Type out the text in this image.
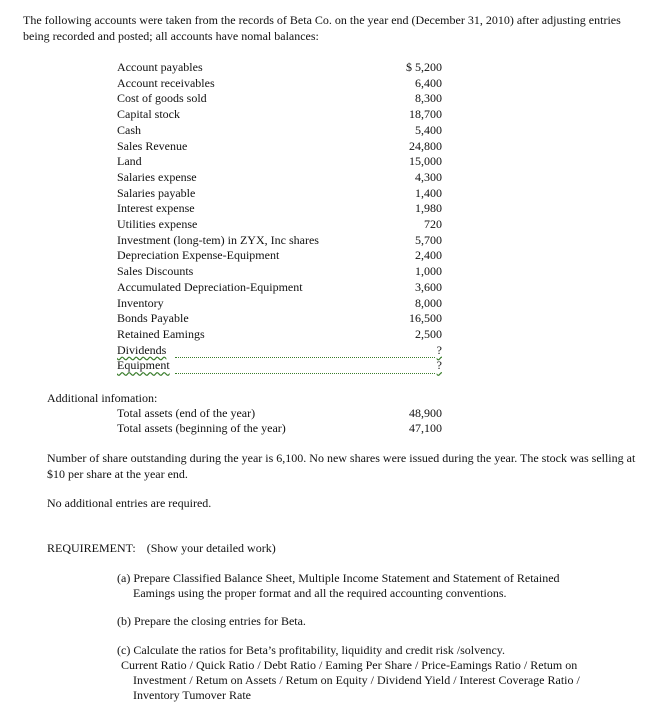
The following accounts were taken from the records of Beta Co. on the year end (December 31, 2010) after adjusting entries being recorded and posted; all accounts have nomal balances:

Account payables	$ 5,200
Account receivables	6,400
Cost of goods sold	8,300
Capital stock	18,700
Cash	5,400
Sales Revenue	24,800
Land	15,000
Salaries expense	4,300
Salaries payable	1,400
Interest expense	1,980
Utilities expense	720
Investment (long-tem) in ZYX, Inc shares	5,700
Depreciation Expense-Equipment	2,400
Sales Discounts	1,000
Accumulated Depreciation-Equipment	3,600
Inventory	8,000
Bonds Payable	16,500
Retained Eamings	2,500
Dividends	?
Equipment	?

Additional infomation:

Total assets (end of the year)	48,900
Total assets (beginning of the year)	47,100

Number of share outstanding during the year is 6,100. No new shares were issued during the year. The stock was selling at $10 per share at the year end.

No additional entries are required.

REQUIREMENT: (Show your detailed work)

(a) Prepare Classified Balance Sheet, Multiple Income Statement and Statement of Retained
Eamings using the proper format and all the required accounting conventions.

(b) Prepare the closing entries for Beta.

(c) Calculate the ratios for Beta’s profitability, liquidity and credit risk /solvency.
Current Ratio / Quick Ratio / Debt Ratio / Eaming Per Share / Price-Eamings Ratio / Retum on
Investment / Retum on Assets / Retum on Equity / Dividend Yield / Interest Coverage Ratio /
Inventory Tumover Rate
